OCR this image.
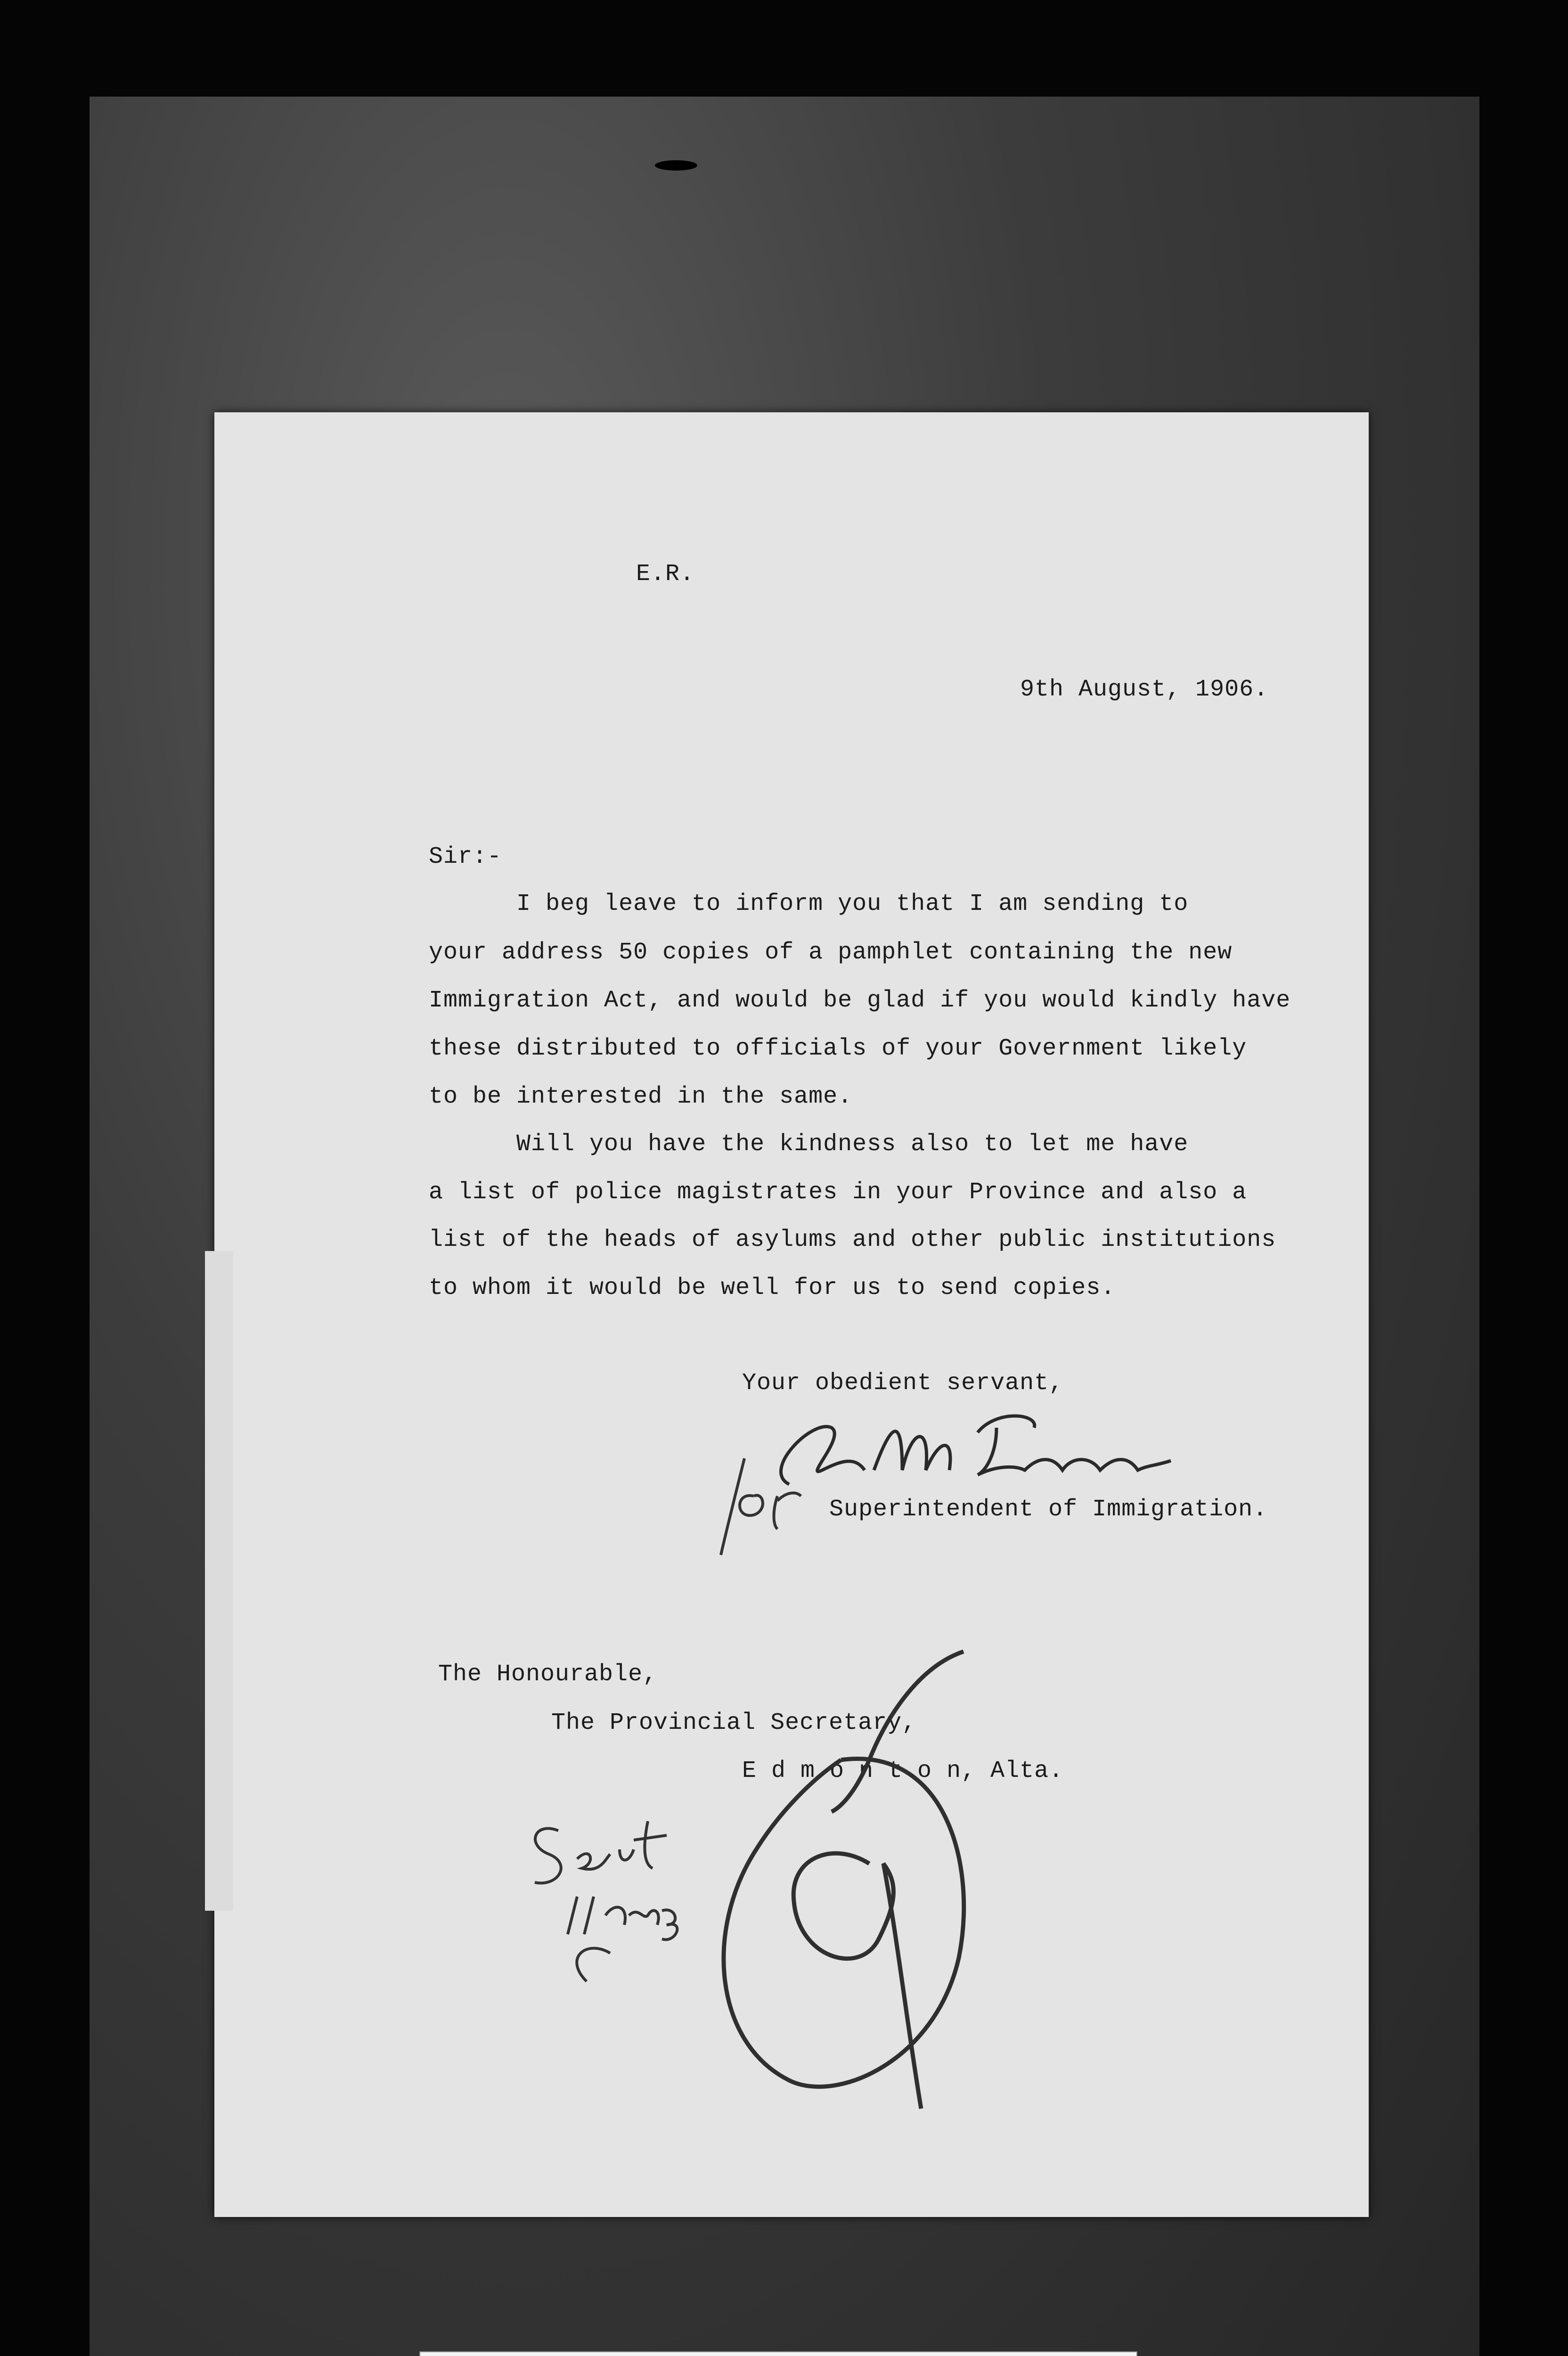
E.R.
9th August, 1906.
Sir:-
I beg leave to inform you that I am sending to
your address 50 copies of a pamphlet containing the new
Immigration Act, and would be glad if you would kindly have
these distributed to officials of your Government likely
to be interested in the same.
Will you have the kindness also to let me have
a list of police magistrates in your Province and also a
list of the heads of asylums and other public institutions
to whom it would be well for us to send copies.
Your obedient servant,
Superintendent of Immigration.
The Honourable,
The Provincial Secretary,
E d m o n t o n, Alta.
